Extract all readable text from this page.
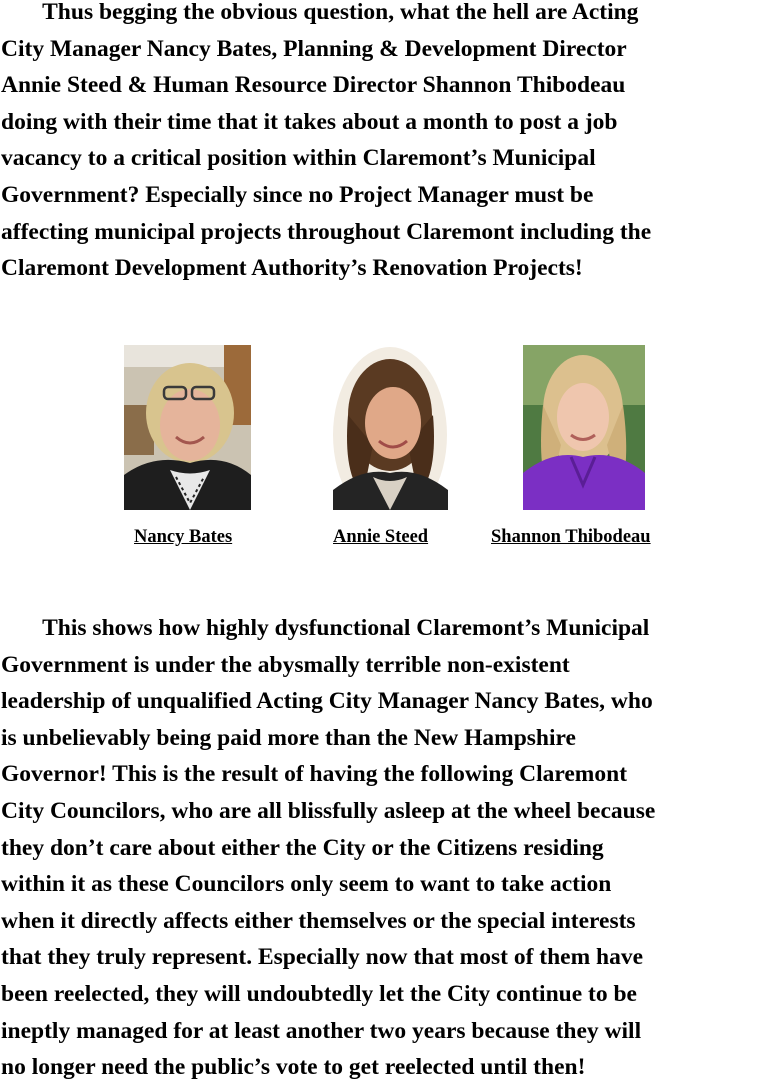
Thus begging the obvious question, what the hell are Acting
City Manager Nancy Bates, Planning & Development Director
Annie Steed & Human Resource Director Shannon Thibodeau
doing with their time that it takes about a month to post a job
vacancy to a critical position within Claremont’s Municipal
Government? Especially since no Project Manager must be
affecting municipal projects throughout Claremont including the
Claremont Development Authority’s Renovation Projects!
Nancy Bates	Annie Steed	Shannon Thibodeau
This shows how highly dysfunctional Claremont’s Municipal
Government is under the abysmally terrible non-existent
leadership of unqualified Acting City Manager Nancy Bates, who
is unbelievably being paid more than the New Hampshire
Governor! This is the result of having the following Claremont
City Councilors, who are all blissfully asleep at the wheel because
they don’t care about either the City or the Citizens residing
within it as these Councilors only seem to want to take action
when it directly affects either themselves or the special interests
that they truly represent. Especially now that most of them have
been reelected, they will undoubtedly let the City continue to be
ineptly managed for at least another two years because they will
no longer need the public’s vote to get reelected until then!
